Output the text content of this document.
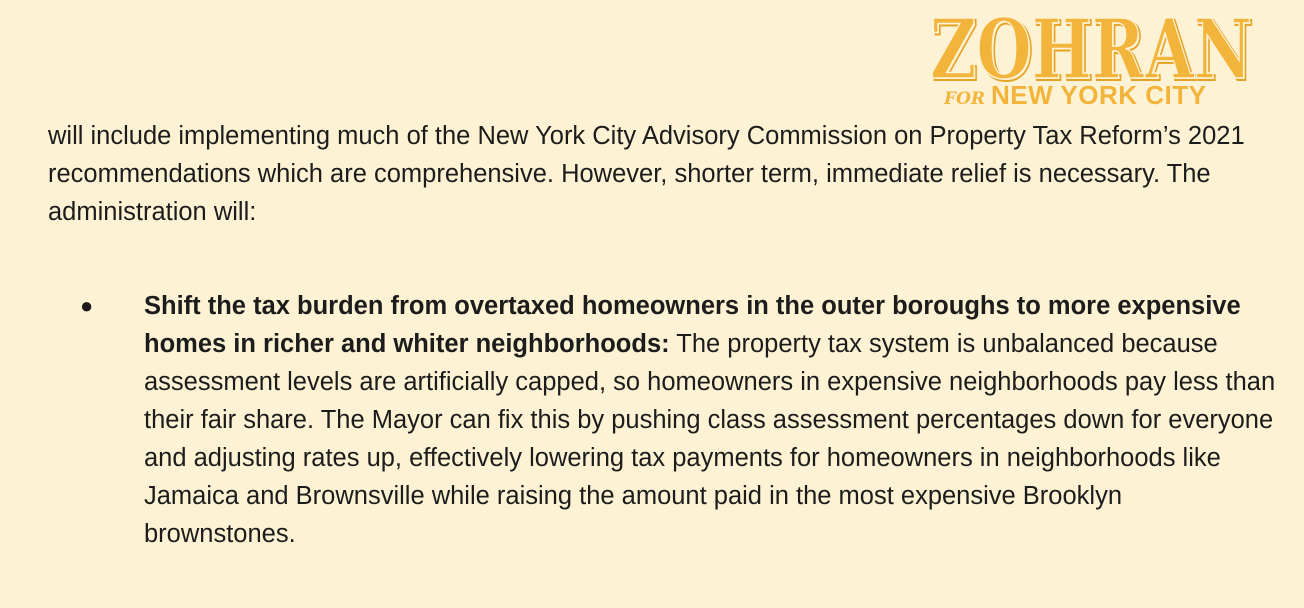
ZOHRAN
ZOHRAN
FOR NEW YORK CITY

will include implementing much of the New York City Advisory Commission on Property Tax Reform’s 2021 recommendations which are comprehensive. However, shorter term, immediate relief is necessary. The administration will:

● Shift the tax burden from overtaxed homeowners in the outer boroughs to more expensive homes in richer and whiter neighborhoods: The property tax system is unbalanced because assessment levels are artificially capped, so homeowners in expensive neighborhoods pay less than their fair share. The Mayor can fix this by pushing class assessment percentages down for everyone and adjusting rates up, effectively lowering tax payments for homeowners in neighborhoods like Jamaica and Brownsville while raising the amount paid in the most expensive Brooklyn brownstones.
